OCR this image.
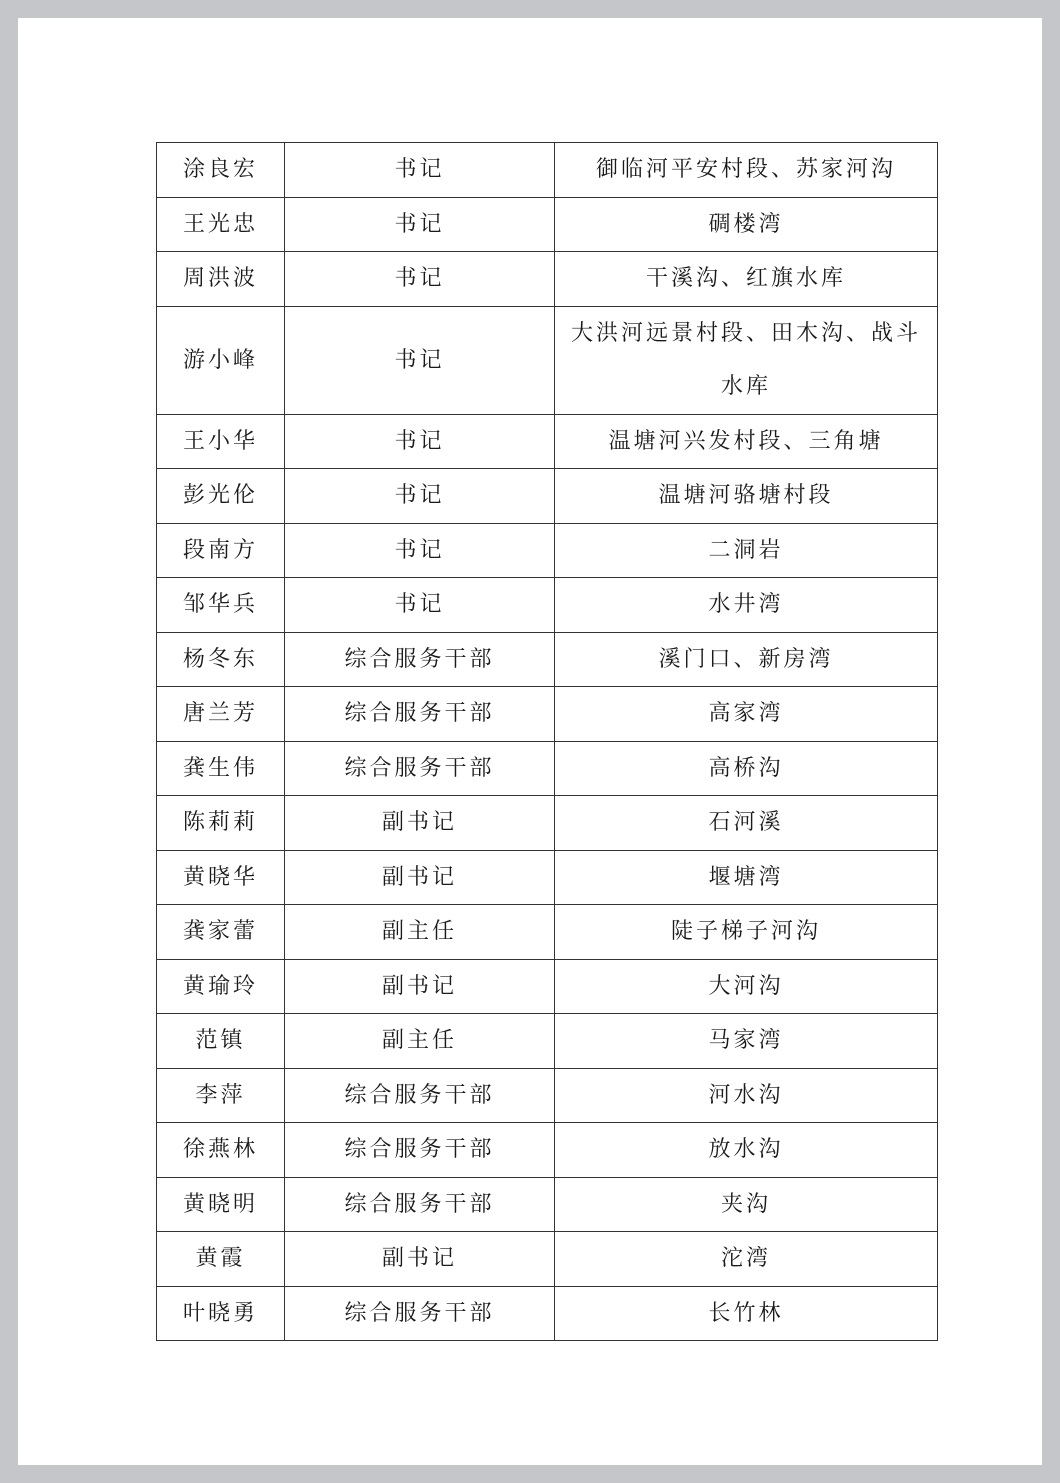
涂良宏	书记	御临河平安村段、苏家河沟
王光忠	书记	碉楼湾
周洪波	书记	干溪沟、红旗水库
游小峰	书记	大洪河远景村段、田木沟、战斗水库
王小华	书记	温塘河兴发村段、三角塘
彭光伦	书记	温塘河骆塘村段
段南方	书记	二洞岩
邹华兵	书记	水井湾
杨冬东	综合服务干部	溪门口、新房湾
唐兰芳	综合服务干部	高家湾
龚生伟	综合服务干部	高桥沟
陈莉莉	副书记	石河溪
黄晓华	副书记	堰塘湾
龚家蕾	副主任	陡子梯子河沟
黄瑜玲	副书记	大河沟
范镇	副主任	马家湾
李萍	综合服务干部	河水沟
徐燕林	综合服务干部	放水沟
黄晓明	综合服务干部	夹沟
黄霞	副书记	沱湾
叶晓勇	综合服务干部	长竹林
